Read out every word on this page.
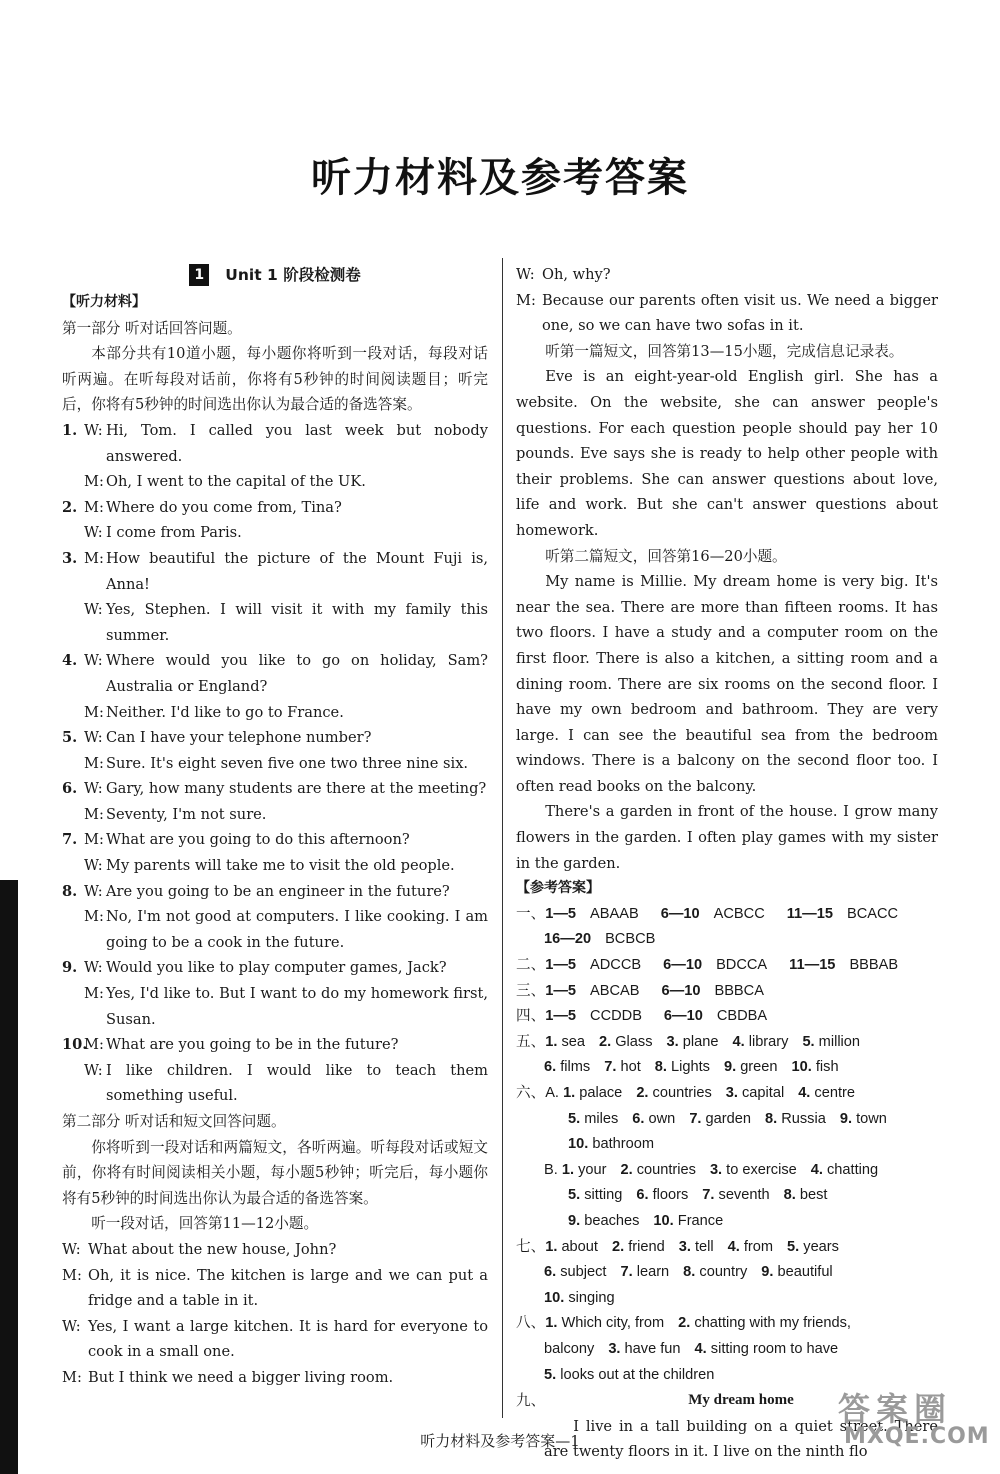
听力材料及参考答案
1 Unit 1 阶段检测卷
【听力材料】
第一部分 听对话回答问题。
本部分共有10道小题，每小题你将听到一段对话，每段对话听两遍。在听每段对话前，你将有5秒钟的时间阅读题目；听完后，你将有5秒钟的时间选出你认为最合适的备选答案。
1. W: Hi, Tom. I called you last week but nobody answered.
M: Oh, I went to the capital of the UK.
2. M: Where do you come from, Tina?
W: I come from Paris.
3. M: How beautiful the picture of the Mount Fuji is, Anna!
W: Yes, Stephen. I will visit it with my family this summer.
4. W: Where would you like to go on holiday, Sam? Australia or England?
M: Neither. I'd like to go to France.
5. W: Can I have your telephone number?
M: Sure. It's eight seven five one two three nine six.
6. W: Gary, how many students are there at the meeting?
M: Seventy, I'm not sure.
7. M: What are you going to do this afternoon?
W: My parents will take me to visit the old people.
8. W: Are you going to be an engineer in the future?
M: No, I'm not good at computers. I like cooking. I am going to be a cook in the future.
9. W: Would you like to play computer games, Jack?
M: Yes, I'd like to. But I want to do my homework first, Susan.
10.
M: What are you going to be in the future?
W: I like children. I would like to teach them something useful.
第二部分 听对话和短文回答问题。
你将听到一段对话和两篇短文，各听两遍。听每段对话或短文前，你将有时间阅读相关小题，每小题5秒钟；听完后，每小题你将有5秒钟的时间选出你认为最合适的备选答案。
听一段对话，回答第11—12小题。
W: What about the new house, John?
M: Oh, it is nice. The kitchen is large and we can put a fridge and a table in it.
W: Yes, I want a large kitchen. It is hard for everyone to cook in a small one.
M: But I think we need a bigger living room.
W: Oh, why?
M: Because our parents often visit us. We need a bigger one, so we can have two sofas in it.
听第一篇短文，回答第13—15小题，完成信息记录表。
Eve is an eight-year-old English girl. She has a website. On the website, she can answer people's questions. For each question people should pay her 10 pounds. Eve says she is ready to help other people with their problems. She can answer questions about love, life and work. But she can't answer questions about homework.
听第二篇短文，回答第16—20小题。
My name is Millie. My dream home is very big. It's near the sea. There are more than fifteen rooms. It has two floors. I have a study and a computer room on the first floor. There is also a kitchen, a sitting room and a dining room. There are six rooms on the second floor. I have my own bedroom and bathroom. They are very large. I can see the beautiful sea from the bedroom windows. There is a balcony on the second floor too. I often read books on the balcony.
There's a garden in front of the house. I grow many flowers in the garden. I often play games with my sister in the garden.
【参考答案】
一、1—5 ABAAB 6—10 ACBCC 11—15 BCACC
16—20 BCBCB
二、1—5 ADCCB 6—10 BDCCA 11—15 BBBAB
三、1—5 ABCAB 6—10 BBBCA
四、1—5 CCDDB 6—10 CBDBA
五、1. sea 2. Glass 3. plane 4. library 5. million
6. films 7. hot 8. Lights 9. green 10. fish
六、A. 1. palace 2. countries 3. capital 4. centre
5. miles 6. own 7. garden 8. Russia 9. town
10. bathroom
B. 1. your 2. countries 3. to exercise 4. chatting
5. sitting 6. floors 7. seventh 8. best
9. beaches 10. France
七、1. about 2. friend 3. tell 4. from 5. years
6. subject 7. learn 8. country 9. beautiful
10. singing
八、1. Which city, from 2. chatting with my friends,
balcony 3. have fun 4. sitting room to have
5. looks out at the children
九、	My dream home
I live in a tall building on a quiet street. There are twenty floors in it. I live on the ninth flo
听力材料及参考答案—1
答案圈
MXQE.COM
